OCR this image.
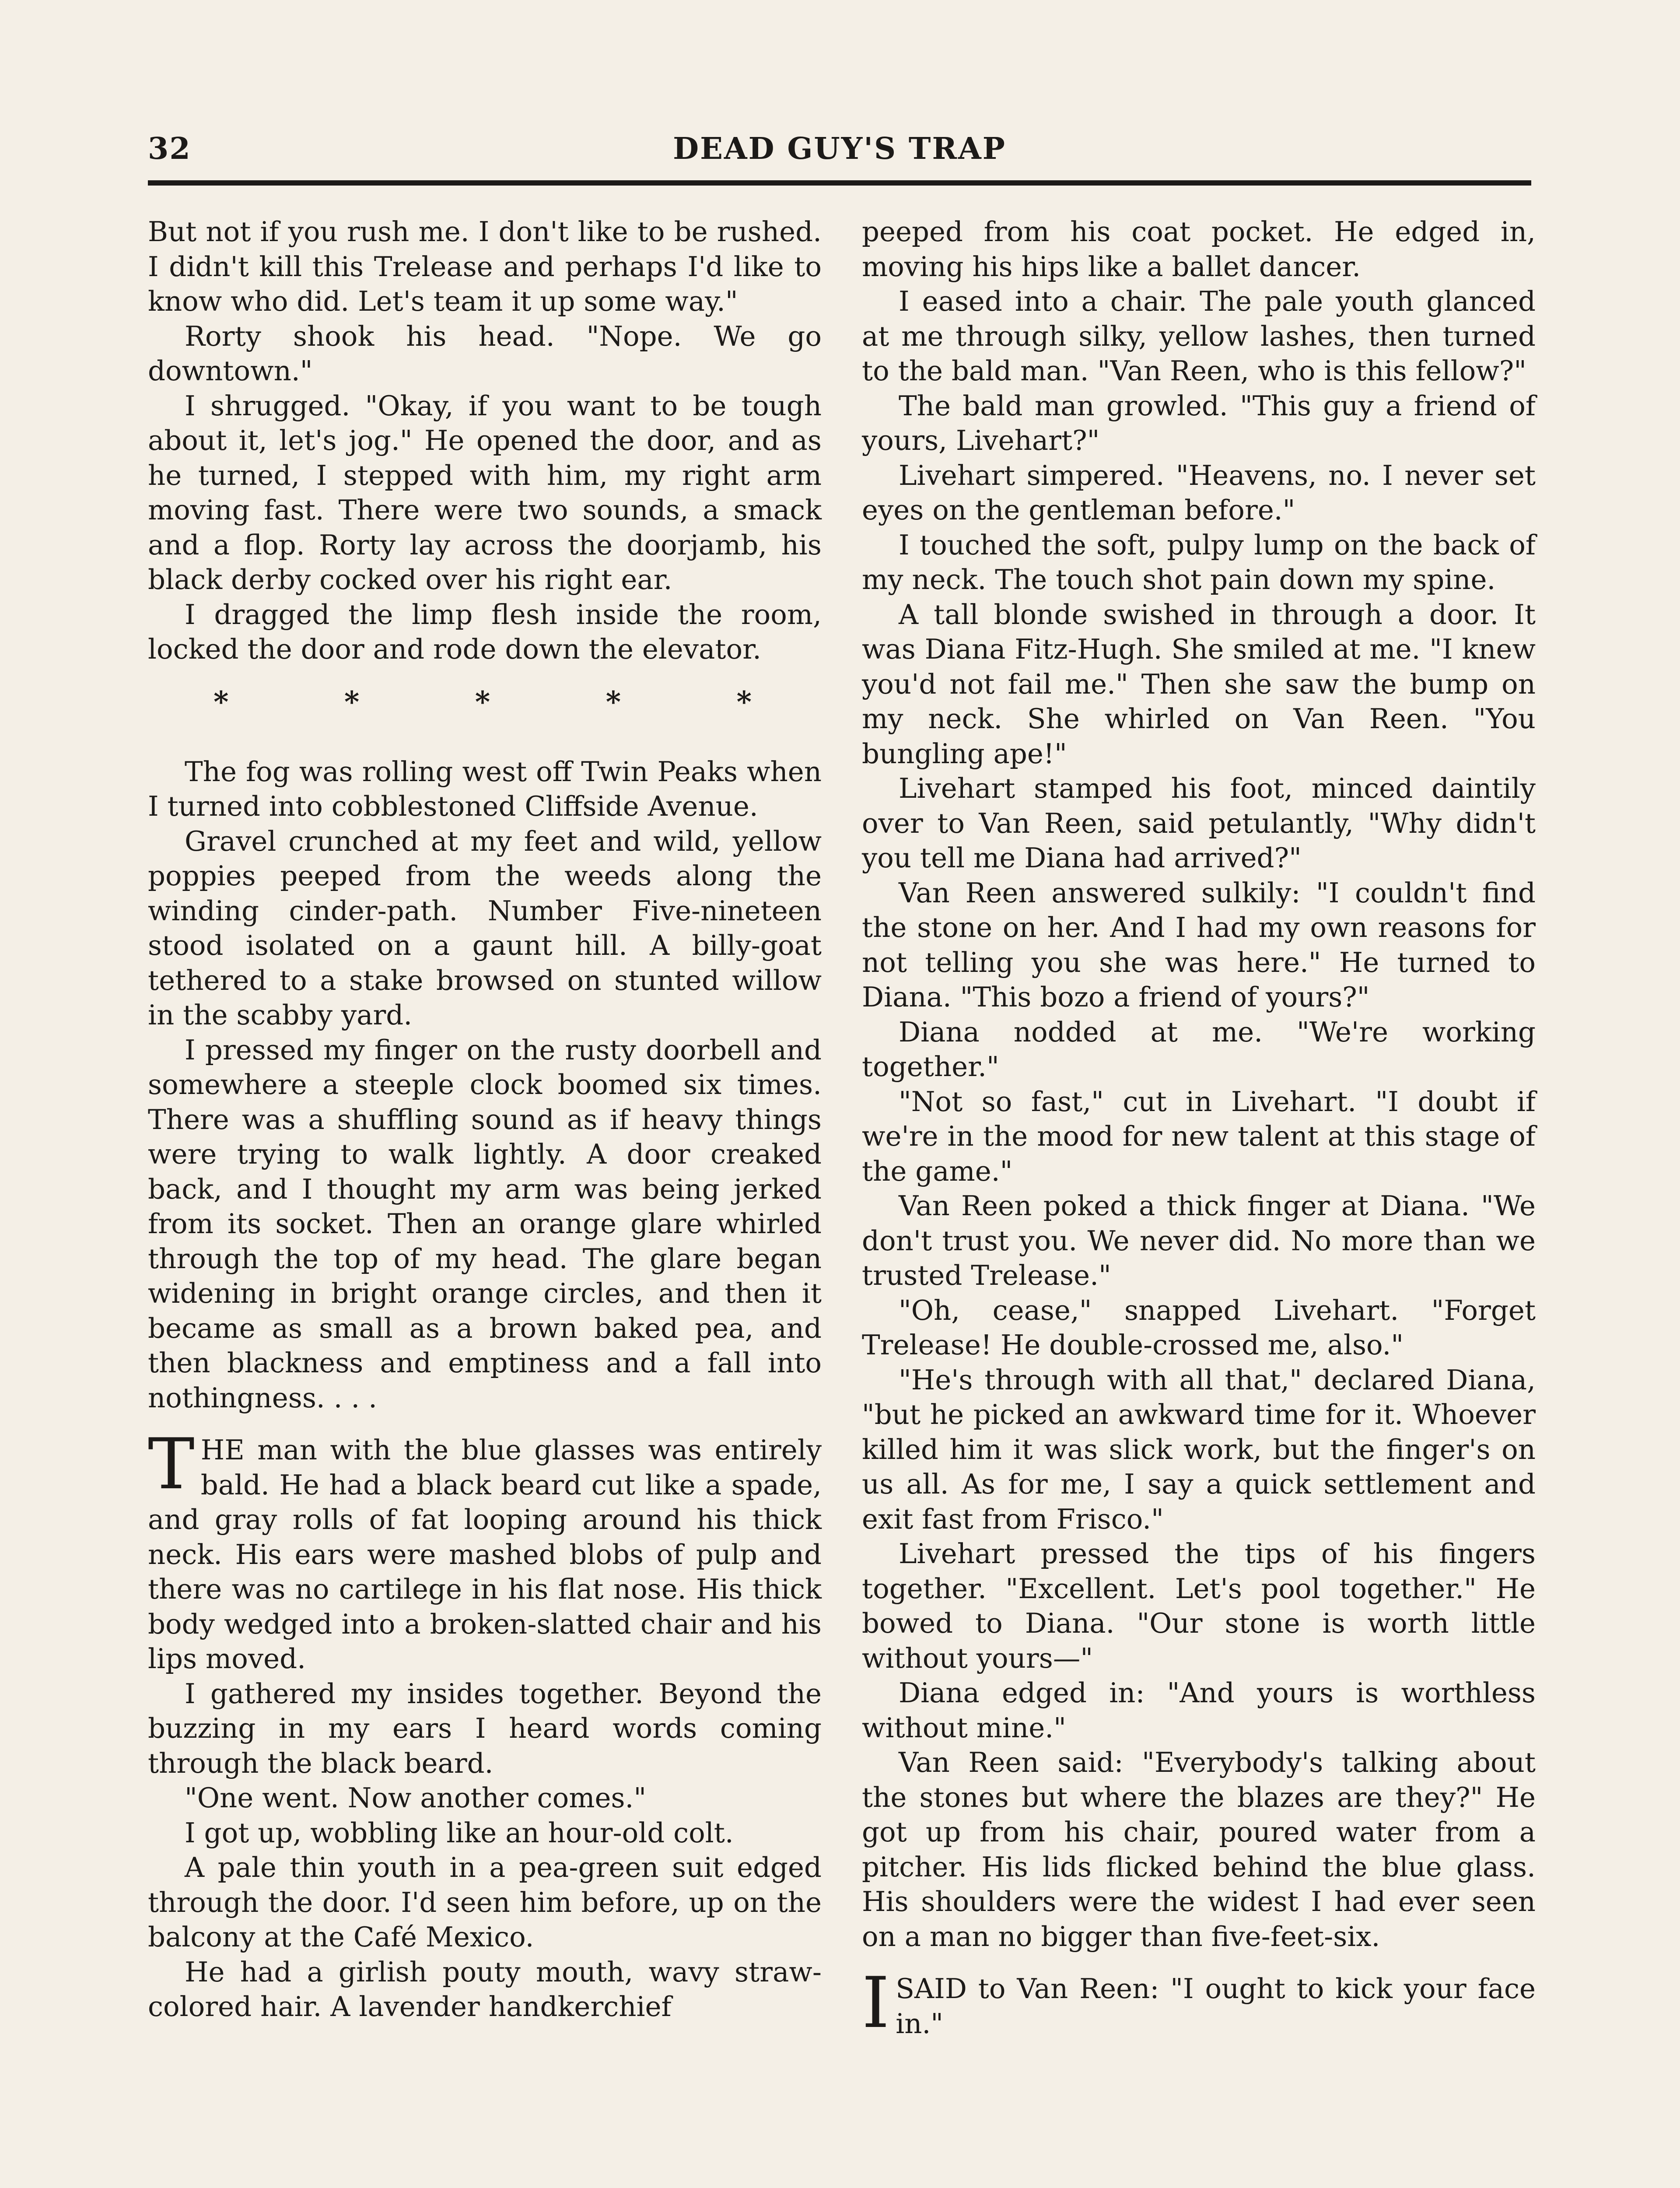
32	DEAD GUY'S TRAP

But not if you rush me. I don't like to be rushed. I didn't kill this Trelease and perhaps I'd like to know who did. Let's team it up some way."

Rorty shook his head. "Nope. We go downtown."

I shrugged. "Okay, if you want to be tough about it, let's jog." He opened the door, and as he turned, I stepped with him, my right arm moving fast. There were two sounds, a smack and a flop. Rorty lay across the doorjamb, his black derby cocked over his right ear.

I dragged the limp flesh inside the room, locked the door and rode down the elevator.

*	*	*	*	*

The fog was rolling west off Twin Peaks when I turned into cobblestoned Cliffside Avenue.

Gravel crunched at my feet and wild, yellow poppies peeped from the weeds along the winding cinder-path. Number Five-nineteen stood isolated on a gaunt hill. A billy-goat tethered to a stake browsed on stunted willow in the scabby yard.

I pressed my finger on the rusty doorbell and somewhere a steeple clock boomed six times. There was a shuffling sound as if heavy things were trying to walk lightly. A door creaked back, and I thought my arm was being jerked from its socket. Then an orange glare whirled through the top of my head. The glare began widening in bright orange circles, and then it became as small as a brown baked pea, and then blackness and emptiness and a fall into nothingness. . . .

THE man with the blue glasses was entirely bald. He had a black beard cut like a spade, and gray rolls of fat looping around his thick neck. His ears were mashed blobs of pulp and there was no cartilege in his flat nose. His thick body wedged into a broken-slatted chair and his lips moved.

I gathered my insides together. Beyond the buzzing in my ears I heard words coming through the black beard.

"One went. Now another comes."

I got up, wobbling like an hour-old colt.

A pale thin youth in a pea-green suit edged through the door. I'd seen him before, up on the balcony at the Café Mexico.

He had a girlish pouty mouth, wavy straw-colored hair. A lavender handkerchief

peeped from his coat pocket. He edged in, moving his hips like a ballet dancer.

I eased into a chair. The pale youth glanced at me through silky, yellow lashes, then turned to the bald man. "Van Reen, who is this fellow?"

The bald man growled. "This guy a friend of yours, Livehart?"

Livehart simpered. "Heavens, no. I never set eyes on the gentleman before."

I touched the soft, pulpy lump on the back of my neck. The touch shot pain down my spine.

A tall blonde swished in through a door. It was Diana Fitz-Hugh. She smiled at me. "I knew you'd not fail me." Then she saw the bump on my neck. She whirled on Van Reen. "You bungling ape!"

Livehart stamped his foot, minced daintily over to Van Reen, said petulantly, "Why didn't you tell me Diana had arrived?"

Van Reen answered sulkily: "I couldn't find the stone on her. And I had my own reasons for not telling you she was here." He turned to Diana. "This bozo a friend of yours?"

Diana nodded at me. "We're working together."

"Not so fast," cut in Livehart. "I doubt if we're in the mood for new talent at this stage of the game."

Van Reen poked a thick finger at Diana. "We don't trust you. We never did. No more than we trusted Trelease."

"Oh, cease," snapped Livehart. "Forget Trelease! He double-crossed me, also."

"He's through with all that," declared Diana, "but he picked an awkward time for it. Whoever killed him it was slick work, but the finger's on us all. As for me, I say a quick settlement and exit fast from Frisco."

Livehart pressed the tips of his fingers together. "Excellent. Let's pool together." He bowed to Diana. "Our stone is worth little without yours—"

Diana edged in: "And yours is worthless without mine."

Van Reen said: "Everybody's talking about the stones but where the blazes are they?" He got up from his chair, poured water from a pitcher. His lids flicked behind the blue glass. His shoulders were the widest I had ever seen on a man no bigger than five-feet-six.

ISAID to Van Reen: "I ought to kick your face in."
